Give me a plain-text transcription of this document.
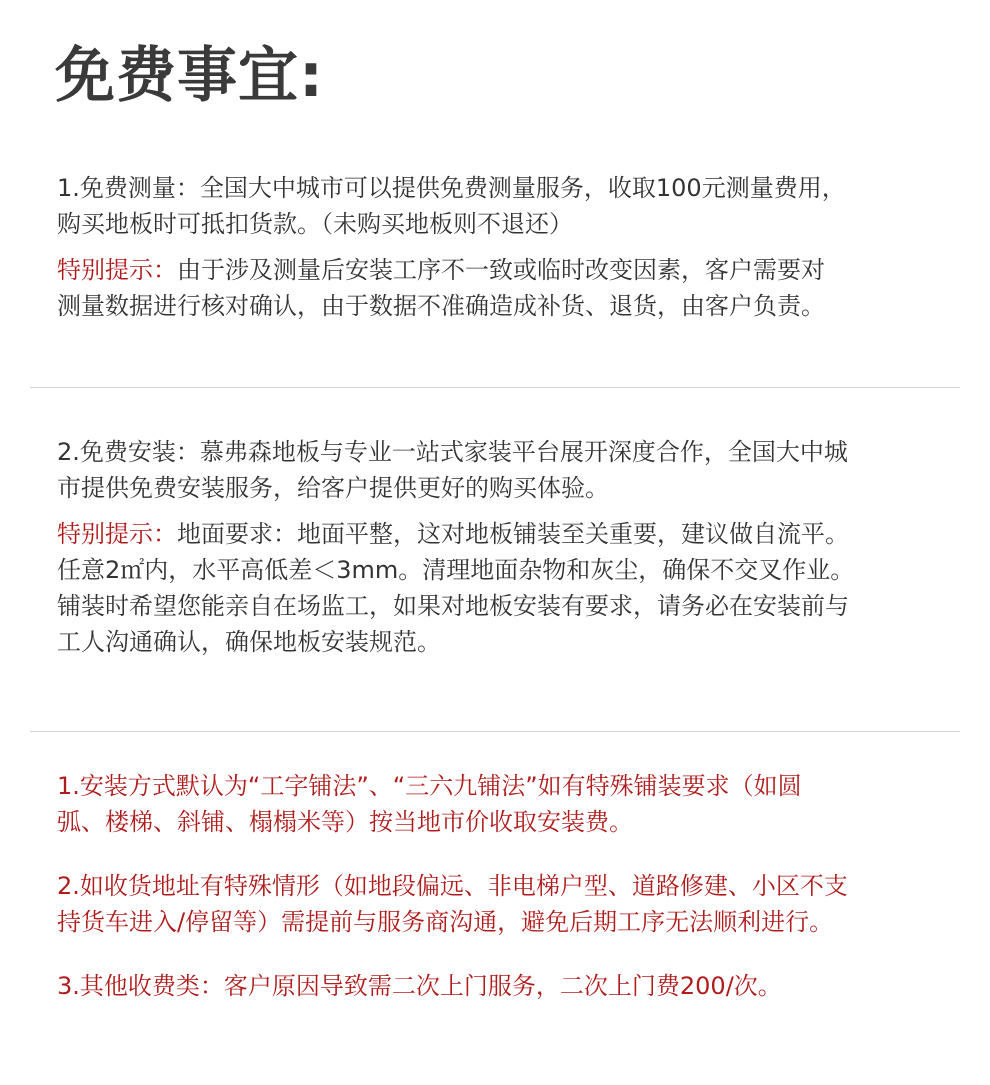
免费事宜:

1.免费测量：全国大中城市可以提供免费测量服务，收取100元测量费用，
购买地板时可抵扣货款。（未购买地板则不退还）

特别提示：由于涉及测量后安装工序不一致或临时改变因素，客户需要对
测量数据进行核对确认，由于数据不准确造成补货、退货，由客户负责。

2.免费安装：慕弗森地板与专业一站式家装平台展开深度合作，全国大中城
市提供免费安装服务，给客户提供更好的购买体验。

特别提示：地面要求：地面平整，这对地板铺装至关重要，建议做自流平。
任意2㎡内，水平高低差＜3mm。清理地面杂物和灰尘，确保不交叉作业。
铺装时希望您能亲自在场监工，如果对地板安装有要求，请务必在安装前与
工人沟通确认，确保地板安装规范。

1.安装方式默认为“工字铺法”、“三六九铺法”如有特殊铺装要求（如圆
弧、楼梯、斜铺、榻榻米等）按当地市价收取安装费。

2.如收货地址有特殊情形（如地段偏远、非电梯户型、道路修建、小区不支
持货车进入/停留等）需提前与服务商沟通，避免后期工序无法顺利进行。

3.其他收费类：客户原因导致需二次上门服务，二次上门费200/次。
